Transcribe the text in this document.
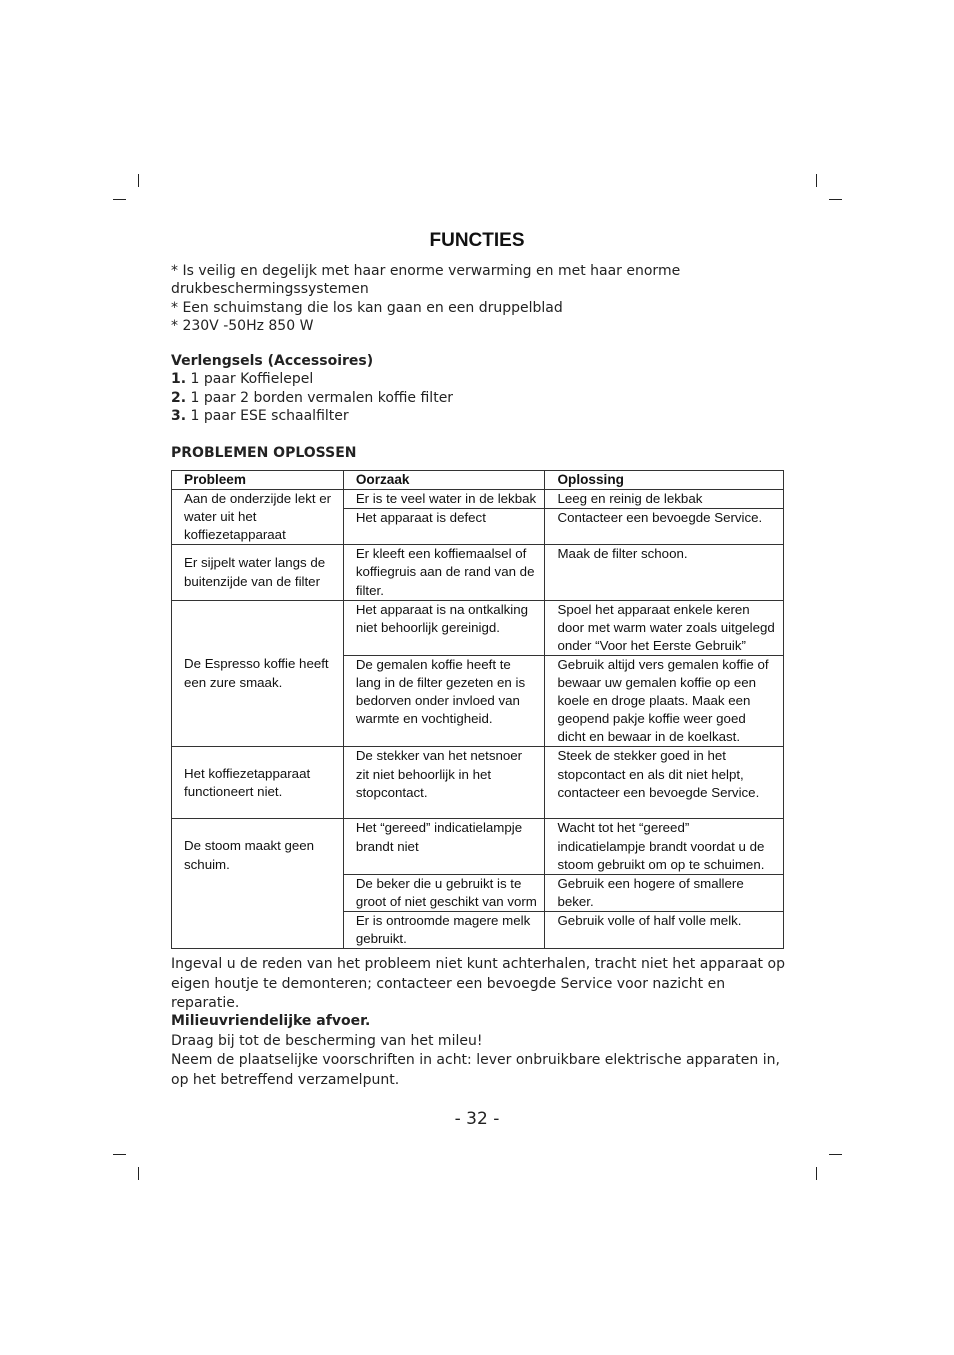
FUNCTIES

* Is veilig en degelijk met haar enorme verwarming en met haar enorme drukbeschermingssystemen

* Een schuimstang die los kan gaan en een druppelblad

* 230V -50Hz 850 W

Verlengsels (Accessoires)

1. 1 paar Koffielepel

2. 1 paar 2 borden vermalen koffie filter

3. 1 paar ESE schaalfilter

PROBLEMEN OPLOSSEN
Probleem	Oorzaak	Oplossing
Aan de onderzijde lekt er water uit het koffiezetapparaat	Er is te veel water in de lekbak	Leeg en reinig de lekbak
	Het apparaat is defect	Contacteer een bevoegde Service.
Er sijpelt water langs de buitenzijde van de filter	Er kleeft een koffiemaalsel of koffiegruis aan de rand van de filter.	Maak de filter schoon.
De Espresso koffie heeft een zure smaak.	Het apparaat is na ontkalking niet behoorlijk gereinigd.	Spoel het apparaat enkele keren door met warm water zoals uitgelegd onder “Voor het Eerste Gebruik”
	De gemalen koffie heeft te lang in de filter gezeten en is bedorven onder invloed van warmte en vochtigheid.	Gebruik altijd vers gemalen koffie of bewaar uw gemalen koffie op een koele en droge plaats. Maak een geopend pakje koffie weer goed dicht en bewaar in de koelkast.
Het koffiezetapparaat functioneert niet.	De stekker van het netsnoer zit niet behoorlijk in het stopcontact.	Steek de stekker goed in het stopcontact en als dit niet helpt, contacteer een bevoegde Service.
De stoom maakt geen schuim.	Het “gereed” indicatielampje brandt niet	Wacht tot het “gereed” indicatielampje brandt voordat u de stoom gebruikt om op te schuimen.
	De beker die u gebruikt is te groot of niet geschikt van vorm	Gebruik een hogere of smallere beker.
	Er is ontroomde magere melk gebruikt.	Gebruik volle of half volle melk.

Ingeval u de reden van het probleem niet kunt achterhalen, tracht niet het apparaat op eigen houtje te demonteren; contacteer een bevoegde Service voor nazicht en reparatie.

Milieuvriendelijke afvoer.

Draag bij tot de bescherming van het mileu!

Neem de plaatselijke voorschriften in acht: lever onbruikbare elektrische apparaten in, op het betreffend verzamelpunt.

- 32 -
